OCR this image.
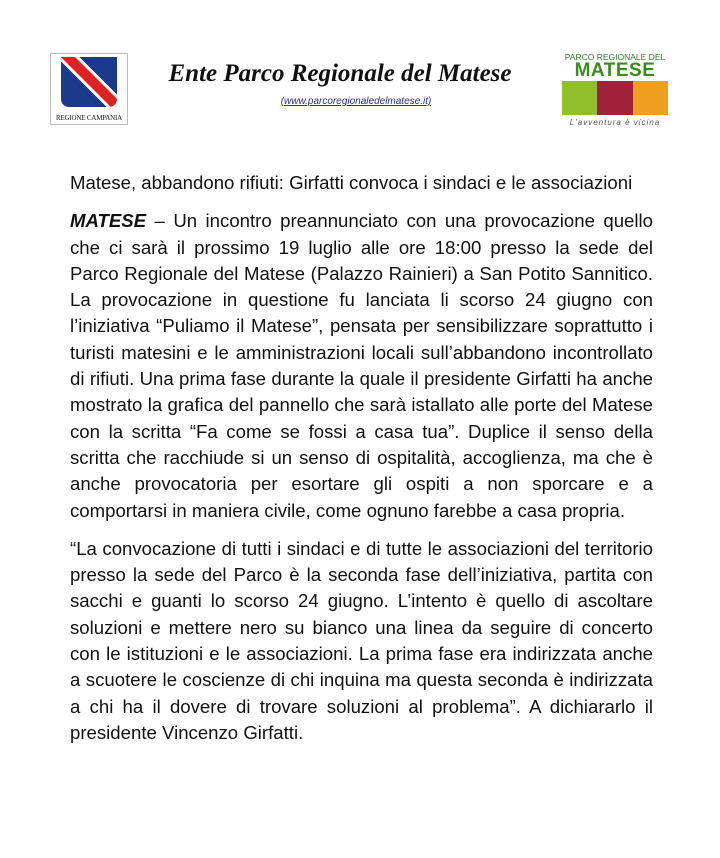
REGIONE CAMPANIA
Ente Parco Regionale del Matese
(www.parcoregionaledelmatese.it)
PARCO REGIONALE DEL
MATESE
L'avventura è vicina

Matese, abbandono rifiuti: Girfatti convoca i sindaci e le associazioni

MATESE – Un incontro preannunciato con una provocazione quello che ci sarà il prossimo 19 luglio alle ore 18:00 presso la sede del Parco Regionale del Matese (Palazzo Rainieri) a San Potito Sannitico. La provocazione in questione fu lanciata li scorso 24 giugno con l’iniziativa “Puliamo il Matese”, pensata per sensibilizzare soprattutto i turisti matesini e le amministrazioni locali sull’abbandono incontrollato di rifiuti. Una prima fase durante la quale il presidente Girfatti ha anche mostrato la grafica del pannello che sarà istallato alle porte del Matese con la scritta “Fa come se fossi a casa tua”. Duplice il senso della scritta che racchiude si un senso di ospitalità, accoglienza, ma che è anche provocatoria per esortare gli ospiti a non sporcare e a comportarsi in maniera civile, come ognuno farebbe a casa propria.

“La convocazione di tutti i sindaci e di tutte le associazioni del territorio presso la sede del Parco è la seconda fase dell’iniziativa, partita con sacchi e guanti lo scorso 24 giugno. L’intento è quello di ascoltare soluzioni e mettere nero su bianco una linea da seguire di concerto con le istituzioni e le associazioni. La prima fase era indirizzata anche a scuotere le coscienze di chi inquina ma questa seconda è indirizzata a chi ha il dovere di trovare soluzioni al problema”. A dichiararlo il presidente Vincenzo Girfatti.
